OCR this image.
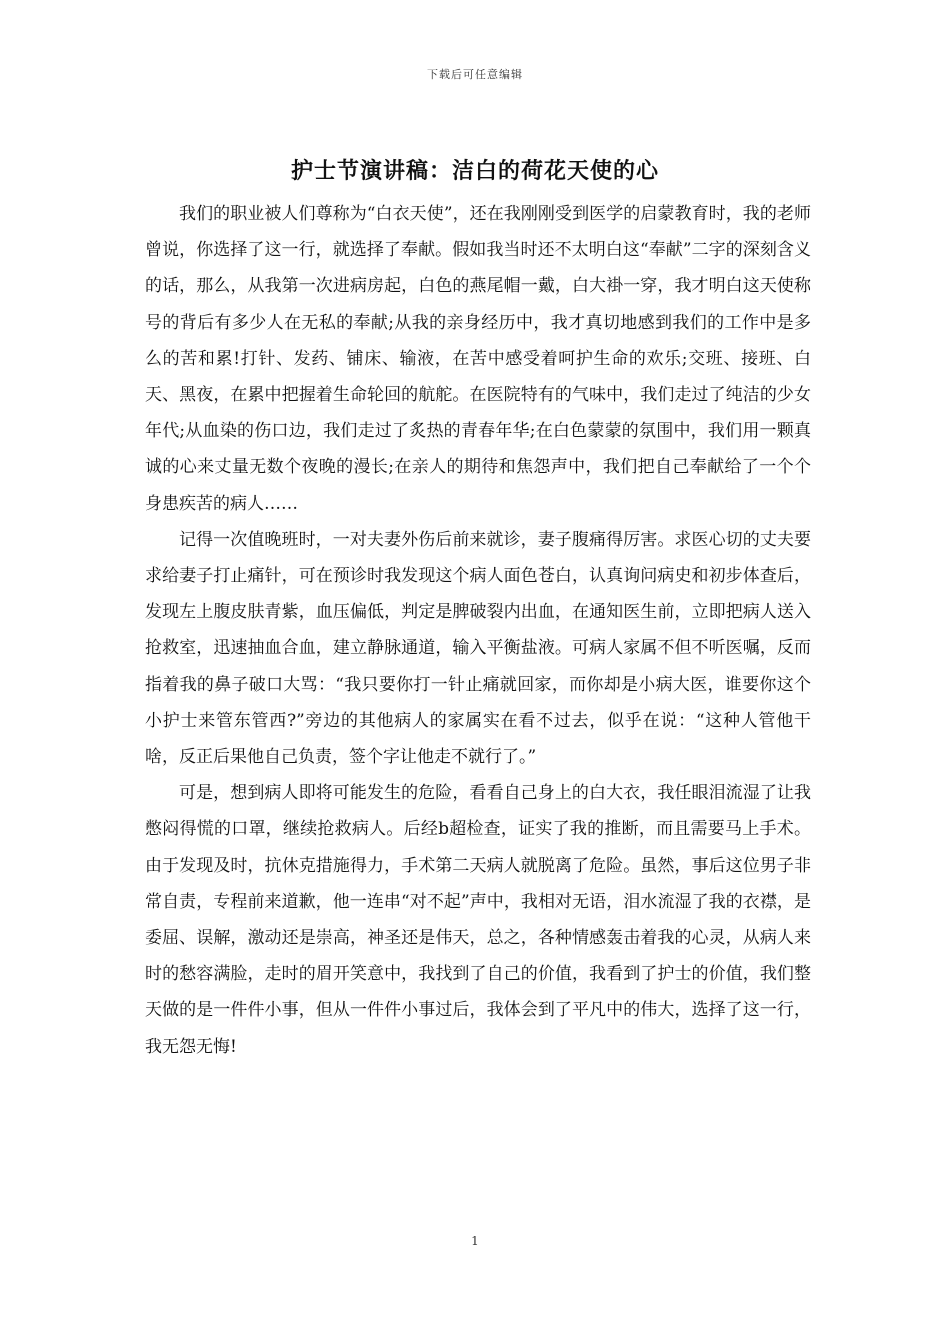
下载后可任意编辑
护士节演讲稿：洁白的荷花天使的心

我们的职业被人们尊称为“白衣天使”，还在我刚刚受到医学的启蒙教育时，我的老师曾说，你选择了这一行，就选择了奉献。假如我当时还不太明白这“奉献”二字的深刻含义的话，那么，从我第一次进病房起，白色的燕尾帽一戴，白大褂一穿，我才明白这天使称号的背后有多少人在无私的奉献;从我的亲身经历中，我才真切地感到我们的工作中是多么的苦和累!打针、发药、铺床、输液，在苦中感受着呵护生命的欢乐;交班、接班、白天、黑夜，在累中把握着生命轮回的航舵。在医院特有的气味中，我们走过了纯洁的少女年代;从血染的伤口边，我们走过了炙热的青春年华;在白色蒙蒙的氛围中，我们用一颗真诚的心来丈量无数个夜晚的漫长;在亲人的期待和焦怨声中，我们把自己奉献给了一个个身患疾苦的病人……

记得一次值晚班时，一对夫妻外伤后前来就诊，妻子腹痛得厉害。求医心切的丈夫要求给妻子打止痛针，可在预诊时我发现这个病人面色苍白，认真询问病史和初步体查后，发现左上腹皮肤青紫，血压偏低，判定是脾破裂内出血，在通知医生前，立即把病人送入抢救室，迅速抽血合血，建立静脉通道，输入平衡盐液。可病人家属不但不听医嘱，反而指着我的鼻子破口大骂：“我只要你打一针止痛就回家，而你却是小病大医，谁要你这个小护士来管东管西?”旁边的其他病人的家属实在看不过去，似乎在说：“这种人管他干啥，反正后果他自己负责，签个字让他走不就行了。”

可是，想到病人即将可能发生的危险，看看自己身上的白大衣，我任眼泪流湿了让我憋闷得慌的口罩，继续抢救病人。后经b超检查，证实了我的推断，而且需要马上手术。由于发现及时，抗休克措施得力，手术第二天病人就脱离了危险。虽然，事后这位男子非常自责，专程前来道歉，他一连串“对不起”声中，我相对无语，泪水流湿了我的衣襟，是委屈、误解，激动还是崇高，神圣还是伟天，总之，各种情感轰击着我的心灵，从病人来时的愁容满脸，走时的眉开笑意中，我找到了自己的价值，我看到了护士的价值，我们整天做的是一件件小事，但从一件件小事过后，我体会到了平凡中的伟大，选择了这一行，我无怨无悔!

1
